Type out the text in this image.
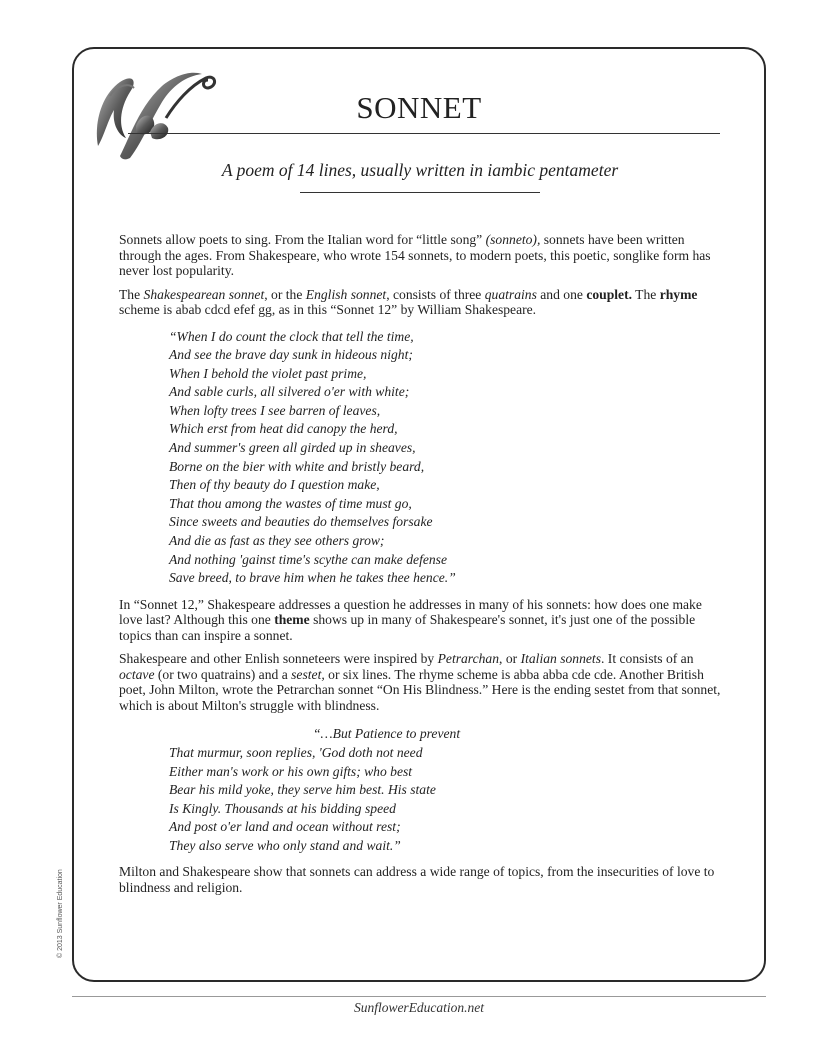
SONNET
A poem of 14 lines, usually written in iambic pentameter

Sonnets allow poets to sing. From the Italian word for “little song” (sonneto), sonnets have been written through the ages. From Shakespeare, who wrote 154 sonnets, to modern poets, this poetic, songlike form has never lost popularity.

The Shakespearean sonnet, or the English sonnet, consists of three quatrains and one couplet. The rhyme scheme is abab cdcd efef gg, as in this “Sonnet 12” by William Shakespeare.

“When I do count the clock that tell the time,
And see the brave day sunk in hideous night;
When I behold the violet past prime,
And sable curls, all silvered o'er with white;
When lofty trees I see barren of leaves,
Which erst from heat did canopy the herd,
And summer's green all girded up in sheaves,
Borne on the bier with white and bristly beard,
Then of thy beauty do I question make,
That thou among the wastes of time must go,
Since sweets and beauties do themselves forsake
And die as fast as they see others grow;
And nothing 'gainst time's scythe can make defense
Save breed, to brave him when he takes thee hence.”

In “Sonnet 12,” Shakespeare addresses a question he addresses in many of his sonnets: how does one make love last? Although this one theme shows up in many of Shakespeare's sonnet, it's just one of the possible topics than can inspire a sonnet.

Shakespeare and other Enlish sonneteers were inspired by Petrarchan, or Italian sonnets. It consists of an octave (or two quatrains) and a sestet, or six lines. The rhyme scheme is abba abba cde cde. Another British poet, John Milton, wrote the Petrarchan sonnet “On His Blindness.” Here is the ending sestet from that sonnet, which is about Milton's struggle with blindness.

“…But Patience to prevent
That murmur, soon replies, 'God doth not need
Either man's work or his own gifts; who best
Bear his mild yoke, they serve him best. His state
Is Kingly. Thousands at his bidding speed
And post o'er land and ocean without rest;
They also serve who only stand and wait.”

Milton and Shakespeare show that sonnets can address a wide range of topics, from the insecurities of love to blindness and religion.

© 2013 Sunflower Education
SunflowerEducation.net
